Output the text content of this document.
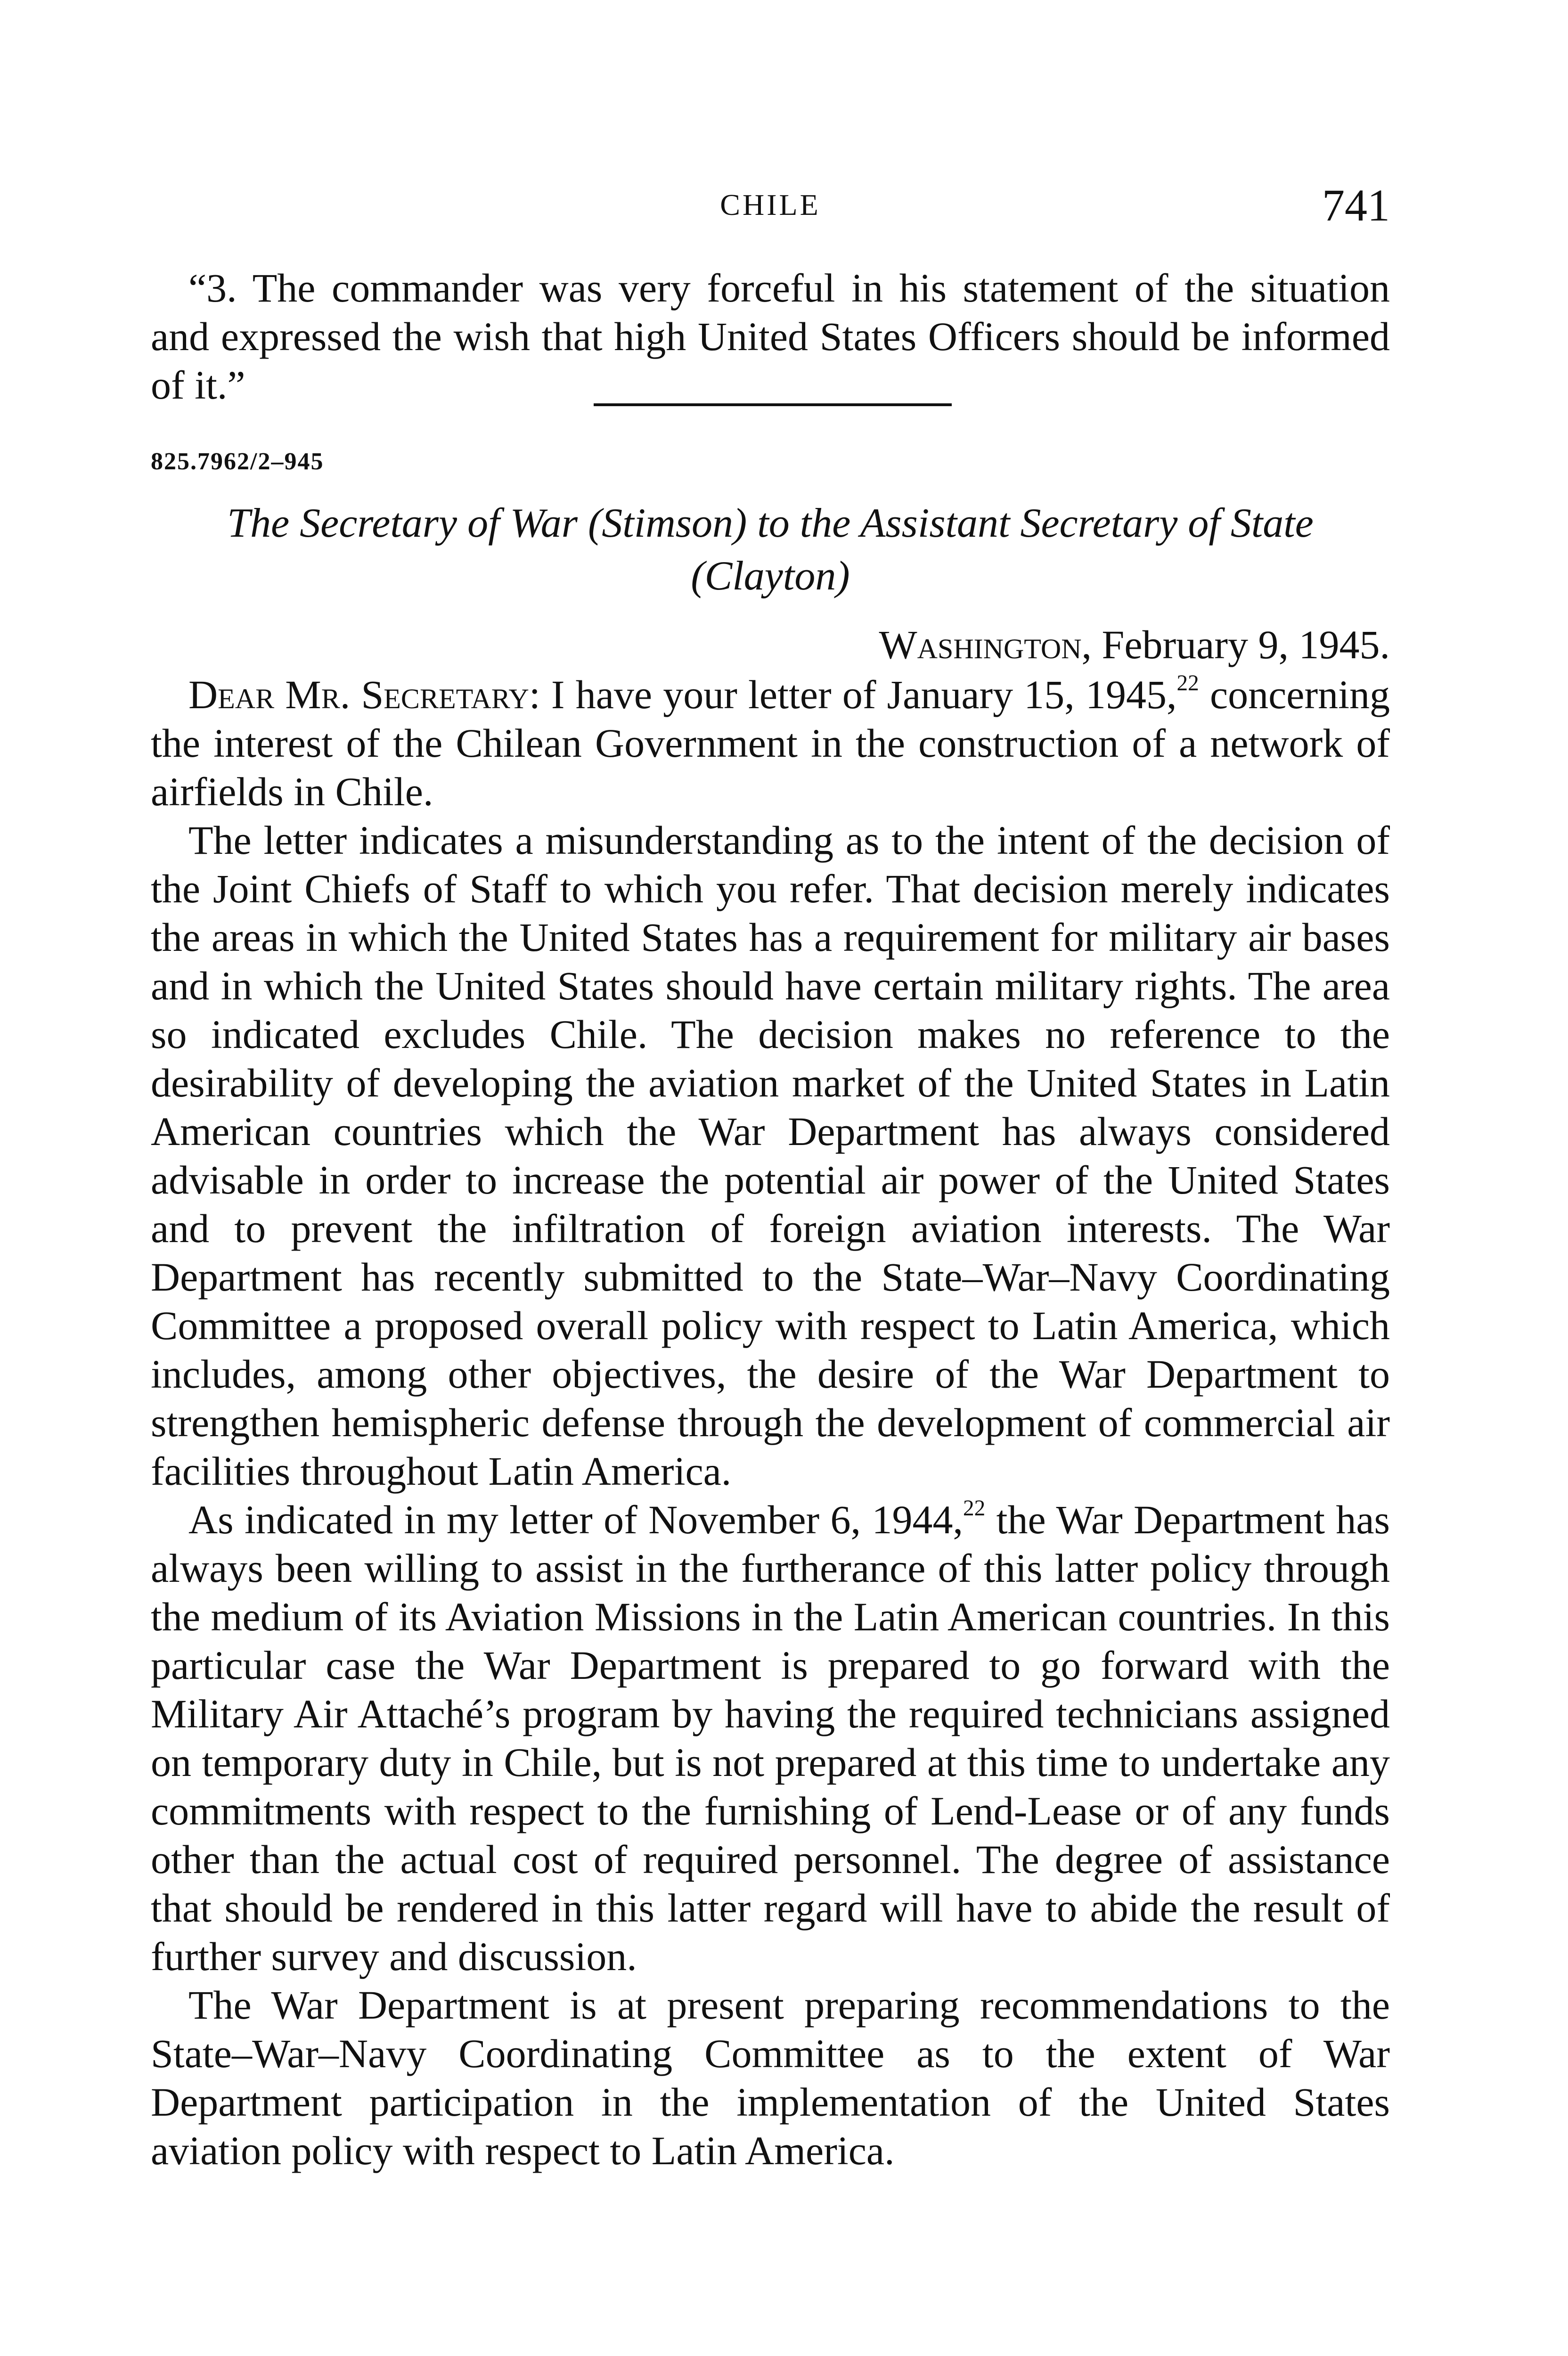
CHILE	741

“3. The commander was very forceful in his statement of the situation and expressed the wish that high United States Officers should be informed of it.”

825.7962/2–945
The Secretary of War (Stimson) to the Assistant Secretary of State
(Clayton)
Washington, February 9, 1945.

Dear Mr. Secretary: I have your letter of January 15, 1945,22 concerning the interest of the Chilean Government in the construction of a network of airfields in Chile.

The letter indicates a misunderstanding as to the intent of the decision of the Joint Chiefs of Staff to which you refer. That decision merely indicates the areas in which the United States has a requirement for military air bases and in which the United States should have certain military rights. The area so indicated excludes Chile. The decision makes no reference to the desirability of developing the aviation market of the United States in Latin American countries which the War Department has always considered advisable in order to increase the potential air power of the United States and to prevent the infiltration of foreign aviation interests. The War Department has recently submitted to the State–War–Navy Coordinating Committee a proposed overall policy with respect to Latin America, which includes, among other objectives, the desire of the War Department to strengthen hemispheric defense through the development of commercial air facilities throughout Latin America.

As indicated in my letter of November 6, 1944,22 the War Department has always been willing to assist in the furtherance of this latter policy through the medium of its Aviation Missions in the Latin American countries. In this particular case the War Department is prepared to go forward with the Military Air Attaché’s program by having the required technicians assigned on temporary duty in Chile, but is not prepared at this time to undertake any commitments with respect to the furnishing of Lend-Lease or of any funds other than the actual cost of required personnel. The degree of assistance that should be rendered in this latter regard will have to abide the result of further survey and discussion.

The War Department is at present preparing recommendations to the State–War–Navy Coordinating Committee as to the extent of War Department participation in the implementation of the United States aviation policy with respect to Latin America.
